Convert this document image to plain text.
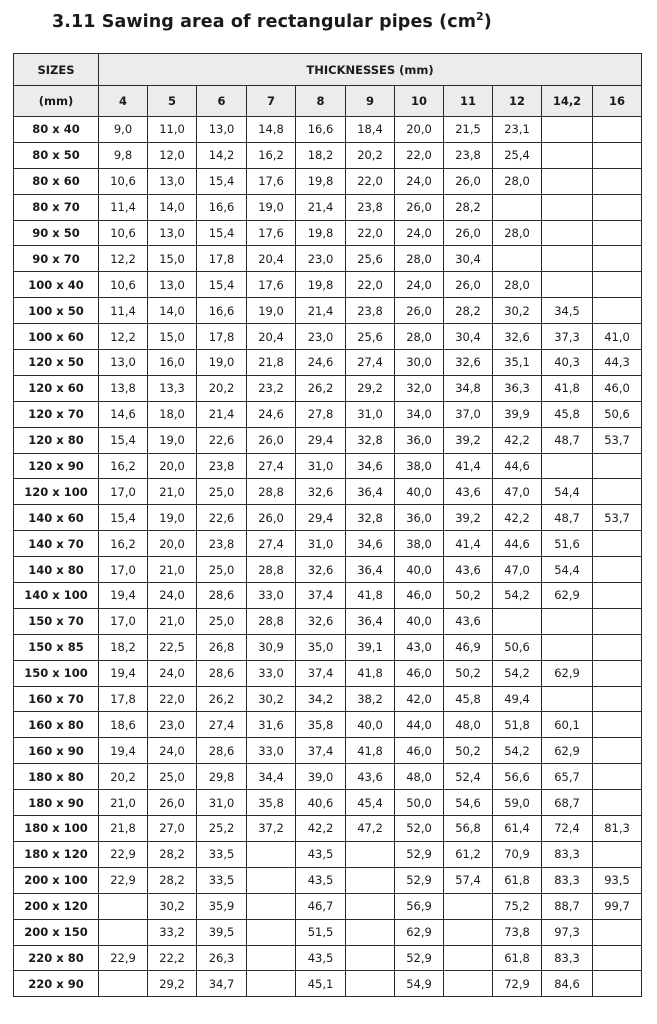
3.11 Sawing area of rectangular pipes $(cm^2)$
SIZES	THICKNESSES (mm)										
(mm)	4	5	6	7	8	9	10	11	12	14,2	16
80 x 40	9,0	11,0	13,0	14,8	16,6	18,4	20,0	21,5	23,1		
80 x 50	9,8	12,0	14,2	16,2	18,2	20,2	22,0	23,8	25,4		
80 x 60	10,6	13,0	15,4	17,6	19,8	22,0	24,0	26,0	28,0		
80 x 70	11,4	14,0	16,6	19,0	21,4	23,8	26,0	28,2			
90 x 50	10,6	13,0	15,4	17,6	19,8	22,0	24,0	26,0	28,0		
90 x 70	12,2	15,0	17,8	20,4	23,0	25,6	28,0	30,4			
100 x 40	10,6	13,0	15,4	17,6	19,8	22,0	24,0	26,0	28,0		
100 x 50	11,4	14,0	16,6	19,0	21,4	23,8	26,0	28,2	30,2	34,5	
100 x 60	12,2	15,0	17,8	20,4	23,0	25,6	28,0	30,4	32,6	37,3	41,0
120 x 50	13,0	16,0	19,0	21,8	24,6	27,4	30,0	32,6	35,1	40,3	44,3
120 x 60	13,8	13,3	20,2	23,2	26,2	29,2	32,0	34,8	36,3	41,8	46,0
120 x 70	14,6	18,0	21,4	24,6	27,8	31,0	34,0	37,0	39,9	45,8	50,6
120 x 80	15,4	19,0	22,6	26,0	29,4	32,8	36,0	39,2	42,2	48,7	53,7
120 x 90	16,2	20,0	23,8	27,4	31,0	34,6	38,0	41,4	44,6		
120 x 100	17,0	21,0	25,0	28,8	32,6	36,4	40,0	43,6	47,0	54,4	
140 x 60	15,4	19,0	22,6	26,0	29,4	32,8	36,0	39,2	42,2	48,7	53,7
140 x 70	16,2	20,0	23,8	27,4	31,0	34,6	38,0	41,4	44,6	51,6	
140 x 80	17,0	21,0	25,0	28,8	32,6	36,4	40,0	43,6	47,0	54,4	
140 x 100	19,4	24,0	28,6	33,0	37,4	41,8	46,0	50,2	54,2	62,9	
150 x 70	17,0	21,0	25,0	28,8	32,6	36,4	40,0	43,6			
150 x 85	18,2	22,5	26,8	30,9	35,0	39,1	43,0	46,9	50,6		
150 x 100	19,4	24,0	28,6	33,0	37,4	41,8	46,0	50,2	54,2	62,9	
160 x 70	17,8	22,0	26,2	30,2	34,2	38,2	42,0	45,8	49,4		
160 x 80	18,6	23,0	27,4	31,6	35,8	40,0	44,0	48,0	51,8	60,1	
160 x 90	19,4	24,0	28,6	33,0	37,4	41,8	46,0	50,2	54,2	62,9	
180 x 80	20,2	25,0	29,8	34,4	39,0	43,6	48,0	52,4	56,6	65,7	
180 x 90	21,0	26,0	31,0	35,8	40,6	45,4	50,0	54,6	59,0	68,7	
180 x 100	21,8	27,0	25,2	37,2	42,2	47,2	52,0	56,8	61,4	72,4	81,3
180 x 120	22,9	28,2	33,5		43,5		52,9	61,2	70,9	83,3	
200 x 100	22,9	28,2	33,5		43,5		52,9	57,4	61,8	83,3	93,5
200 x 120		30,2	35,9		46,7		56,9		75,2	88,7	99,7
200 x 150		33,2	39,5		51,5		62,9		73,8	97,3	
220 x 80	22,9	22,2	26,3		43,5		52,9		61,8	83,3	
220 x 90		29,2	34,7		45,1		54,9		72,9	84,6	
